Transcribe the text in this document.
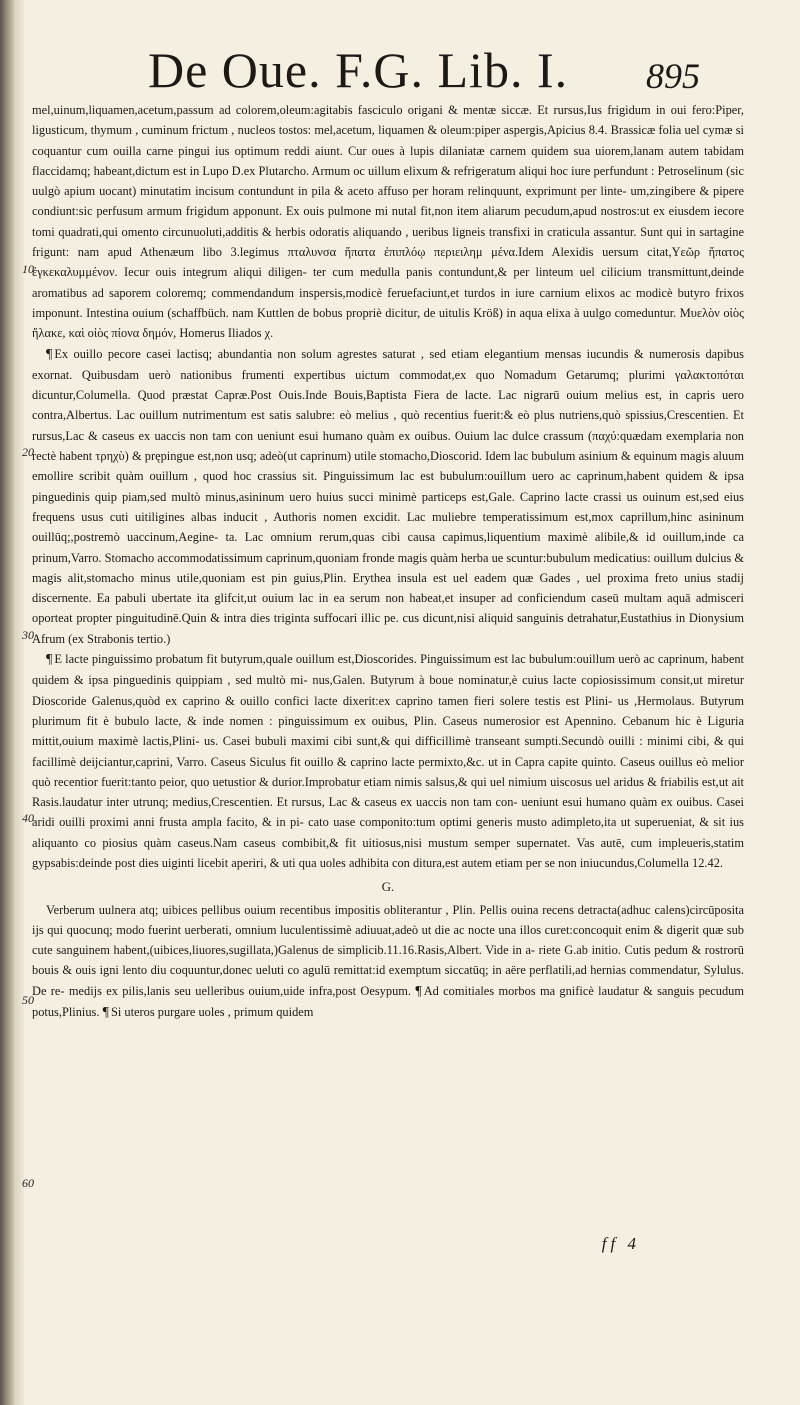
De Oue. F.G. Lib. I. 895
10
20
30
40
50
60

mel,uinum,liquamen,acetum,passum ad colorem,oleum:agitabis fasciculo origani & mentæ siccæ. Et rursus,Ius frigidum in oui fero:Piper, ligusticum, thymum , cuminum frictum , nucleos tostos: mel,acetum, liquamen & oleum:piper aspergis,Apicius 8.4. Brassicæ folia uel cymæ si coquantur cum ouilla carne pingui ius optimum reddi aiunt. Cur oues à lupis dilaniatæ carnem quidem sua uiorem,lanam autem tabidam flaccidamq; habeant,dictum est in Lupo D.ex Plutarcho. Armum oc uillum elixum & refrigeratum aliqui hoc iure perfundunt : Petroselinum (sic uulgò apium uocant) minutatim incisum contundunt in pila & aceto affuso per horam relinquunt, exprimunt per linte- um,zingibere & pipere condiunt:sic perfusum armum frigidum apponunt. Ex ouis pulmone mi nutal fit,non item aliarum pecudum,apud nostros:ut ex eiusdem iecore tomi quadrati,qui omento circunuoluti,additis & herbis odoratis aliquando , ueribus ligneis transfixi in craticula assantur. Sunt qui in sartagine frigunt: nam apud Athenæum libo 3.legimus πταλυνσα ἥπατα ἐπιπλόῳ περιειλημ μένα.Idem Alexidis uersum citat,Υεῶρ ἥπατος ἐγκεκαλυμμένον. Iecur ouis integrum aliqui diligen- ter cum medulla panis contundunt,& per linteum uel cilicium transmittunt,deinde aromatibus ad saporem coloremq; commendandum inspersis,modicè feruefaciunt,et turdos in iure carnium elixos ac modicè butyro frixos imponunt. Intestina ouium (schaffbüch. nam Kuttlen de bobus propriè dicitur, de uitulis Kröß) in aqua elixa à uulgo comeduntur. Μυελὸν οἰὸς ἤλακε, καὶ οἰὸς πίονα δημόν, Homerus Iliados χ.

¶ Ex ouillo pecore casei lactisq; abundantia non solum agrestes saturat , sed etiam elegantium mensas iucundis & numerosis dapibus exornat. Quibusdam uerò nationibus frumenti expertibus uictum commodat,ex quo Nomadum Getarumq; plurimi γαλακτοπόται dicuntur,Columella. Quod præstat Capræ.Post Ouis.Inde Bouis,Baptista Fiera de lacte. Lac nigrarū ouium melius est, in capris uero contra,Albertus. Lac ouillum nutrimentum est satis salubre: eò melius , quò recentius fuerit:& eò plus nutriens,quò spissius,Crescentien. Et rursus,Lac & caseus ex uaccis non tam con ueniunt esui humano quàm ex ouibus. Ouium lac dulce crassum (παχύ:quædam exemplaria non rectè habent τρηχὺ) & prępingue est,non usq; adeò(ut caprinum) utile stomacho,Dioscorid. Idem lac bubulum asinium & equinum magis aluum emollire scribit quàm ouillum , quod hoc crassius sit. Pinguissimum lac est bubulum:ouillum uero ac caprinum,habent quidem & ipsa pinguedinis quip piam,sed multò minus,asininum uero huius succi minimè particeps est,Gale. Caprino lacte crassi us ouinum est,sed eius frequens usus cuti uitiligines albas inducit , Authoris nomen excidit. Lac muliebre temperatissimum est,mox caprillum,hinc asininum ouillūq;,postremò uaccinum,Aegine- ta. Lac omnium rerum,quas cibi causa capimus,liquentium maximè alibile,& id ouillum,inde ca prinum,Varro. Stomacho accommodatissimum caprinum,quoniam fronde magis quàm herba ue scuntur:bubulum medicatius: ouillum dulcius & magis alit,stomacho minus utile,quoniam est pin guius,Plin. Erythea insula est uel eadem quæ Gades , uel proxima freto unius stadij discernente. Ea pabuli ubertate ita glifcit,ut ouium lac in ea serum non habeat,et insuper ad conficiendum caseū multam aquā admisceri oporteat propter pinguitudinē.Quin & intra dies triginta suffocari illic pe. cus dicunt,nisi aliquid sanguinis detrahatur,Eustathius in Dionysium Afrum (ex Strabonis tertio.)

¶ E lacte pinguissimo probatum fit butyrum,quale ouillum est,Dioscorides. Pinguissimum est lac bubulum:ouillum uerò ac caprinum, habent quidem & ipsa pinguedinis quippiam , sed multò mi- nus,Galen. Butyrum à boue nominatur,è cuius lacte copiosissimum consit,ut miretur Dioscoride Galenus,quòd ex caprino & ouillo confici lacte dixerit:ex caprino tamen fieri solere testis est Plini- us ,Hermolaus. Butyrum plurimum fit è bubulo lacte, & inde nomen : pinguissimum ex ouibus, Plin. Caseus numerosior est Apennino. Cebanum hic è Liguria mittit,ouium maximè lactis,Plini- us. Casei bubuli maximi cibi sunt,& qui difficillimè transeant sumpti.Secundò ouilli : minimi cibi, & qui facillimè deijciantur,caprini, Varro. Caseus Siculus fit ouillo & caprino lacte permixto,&c. ut in Capra capite quinto. Caseus ouillus eò melior quò recentior fuerit:tanto peior, quo uetustior & durior.Improbatur etiam nimis salsus,& qui uel nimium uiscosus uel aridus & friabilis est,ut ait Rasis.laudatur inter utrunq; medius,Crescentien. Et rursus, Lac & caseus ex uaccis non tam con- ueniunt esui humano quàm ex ouibus. Casei aridi ouilli proximi anni frusta ampla facito, & in pi- cato uase componito:tum optimi generis musto adimpleto,ita ut superueniat, & sit ius aliquanto co piosius quàm caseus.Nam caseus combibit,& fit uitiosus,nisi mustum semper supernatet. Vas autē, cum impleueris,statim gypsabis:deinde post dies uiginti licebit aperiri, & uti qua uoles adhibita con ditura,est autem etiam per se non iniucundus,Columella 12.42.

G.

Verberum uulnera atq; uibices pellibus ouium recentibus impositis obliterantur , Plin. Pellis ouina recens detracta(adhuc calens)circūposita ijs qui quocunq; modo fuerint uerberati, omnium luculentissimè adiuuat,adeò ut die ac nocte una illos curet:concoquit enim & digerit quæ sub cute sanguinem habent,(uibices,liuores,sugillata,)Galenus de simplicib.11.16.Rasis,Albert. Vide in a- riete G.ab initio. Cutis pedum & rostrorū bouis & ouis igni lento diu coquuntur,donec ueluti co agulū remittat:id exemptum siccatūq; in aëre perflatili,ad hernias commendatur, Sylulus. De re- medijs ex pilis,lanis seu uelleribus ouium,uide infra,post Oesypum. ¶ Ad comitiales morbos ma gnificè laudatur & sanguis pecudum potus,Plinius. ¶ Si uteros purgare uoles , primum quidem

ff 4
